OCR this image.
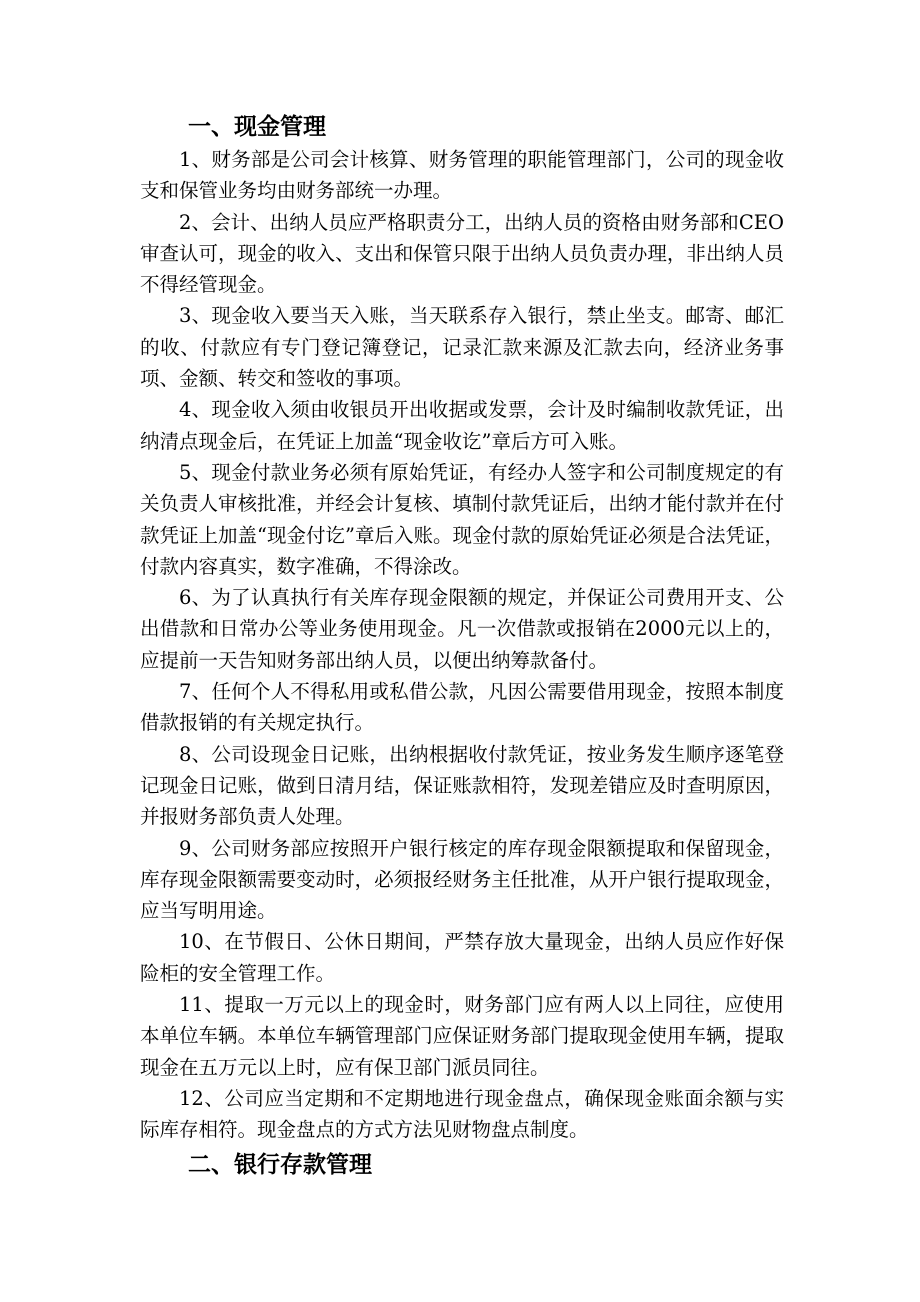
一、现金管理

1、财务部是公司会计核算、财务管理的职能管理部门，公司的现金收支和保管业务均由财务部统一办理。

2、会计、出纳人员应严格职责分工，出纳人员的资格由财务部和CEO审查认可，现金的收入、支出和保管只限于出纳人员负责办理，非出纳人员不得经管现金。

3、现金收入要当天入账，当天联系存入银行，禁止坐支。邮寄、邮汇的收、付款应有专门登记簿登记，记录汇款来源及汇款去向，经济业务事项、金额、转交和签收的事项。

4、现金收入须由收银员开出收据或发票，会计及时编制收款凭证，出纳清点现金后，在凭证上加盖“现金收讫”章后方可入账。

5、现金付款业务必须有原始凭证，有经办人签字和公司制度规定的有关负责人审核批准，并经会计复核、填制付款凭证后，出纳才能付款并在付款凭证上加盖“现金付讫”章后入账。现金付款的原始凭证必须是合法凭证，付款内容真实，数字准确，不得涂改。

6、为了认真执行有关库存现金限额的规定，并保证公司费用开支、公出借款和日常办公等业务使用现金。凡一次借款或报销在2000元以上的，应提前一天告知财务部出纳人员，以便出纳筹款备付。

7、任何个人不得私用或私借公款，凡因公需要借用现金，按照本制度借款报销的有关规定执行。

8、公司设现金日记账，出纳根据收付款凭证，按业务发生顺序逐笔登记现金日记账，做到日清月结，保证账款相符，发现差错应及时查明原因，并报财务部负责人处理。

9、公司财务部应按照开户银行核定的库存现金限额提取和保留现金，库存现金限额需要变动时，必须报经财务主任批准，从开户银行提取现金，应当写明用途。

10、在节假日、公休日期间，严禁存放大量现金，出纳人员应作好保险柜的安全管理工作。

11、提取一万元以上的现金时，财务部门应有两人以上同往，应使用本单位车辆。本单位车辆管理部门应保证财务部门提取现金使用车辆，提取现金在五万元以上时，应有保卫部门派员同往。

12、公司应当定期和不定期地进行现金盘点，确保现金账面余额与实际库存相符。现金盘点的方式方法见财物盘点制度。

二、银行存款管理
